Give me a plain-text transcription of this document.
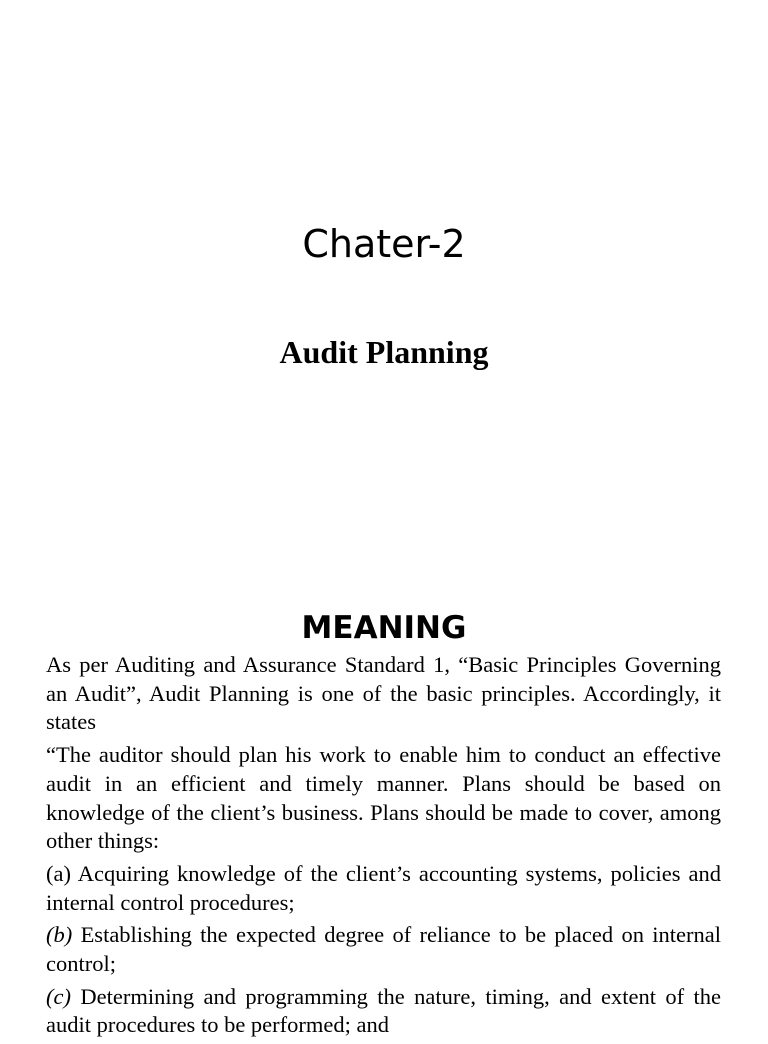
Chater-2
Audit Planning
MEANING

As per Auditing and Assurance Standard 1, “Basic Principles Governing an Audit”, Audit Planning is one of the basic principles. Accordingly, it states

“The auditor should plan his work to enable him to conduct an effective audit in an efficient and timely manner. Plans should be based on knowledge of the client’s business. Plans should be made to cover, among other things:

(a) Acquiring knowledge of the client’s accounting systems, policies and internal control procedures;

(b) Establishing the expected degree of reliance to be placed on internal control;

(c) Determining and programming the nature, timing, and extent of the audit procedures to be performed; and
